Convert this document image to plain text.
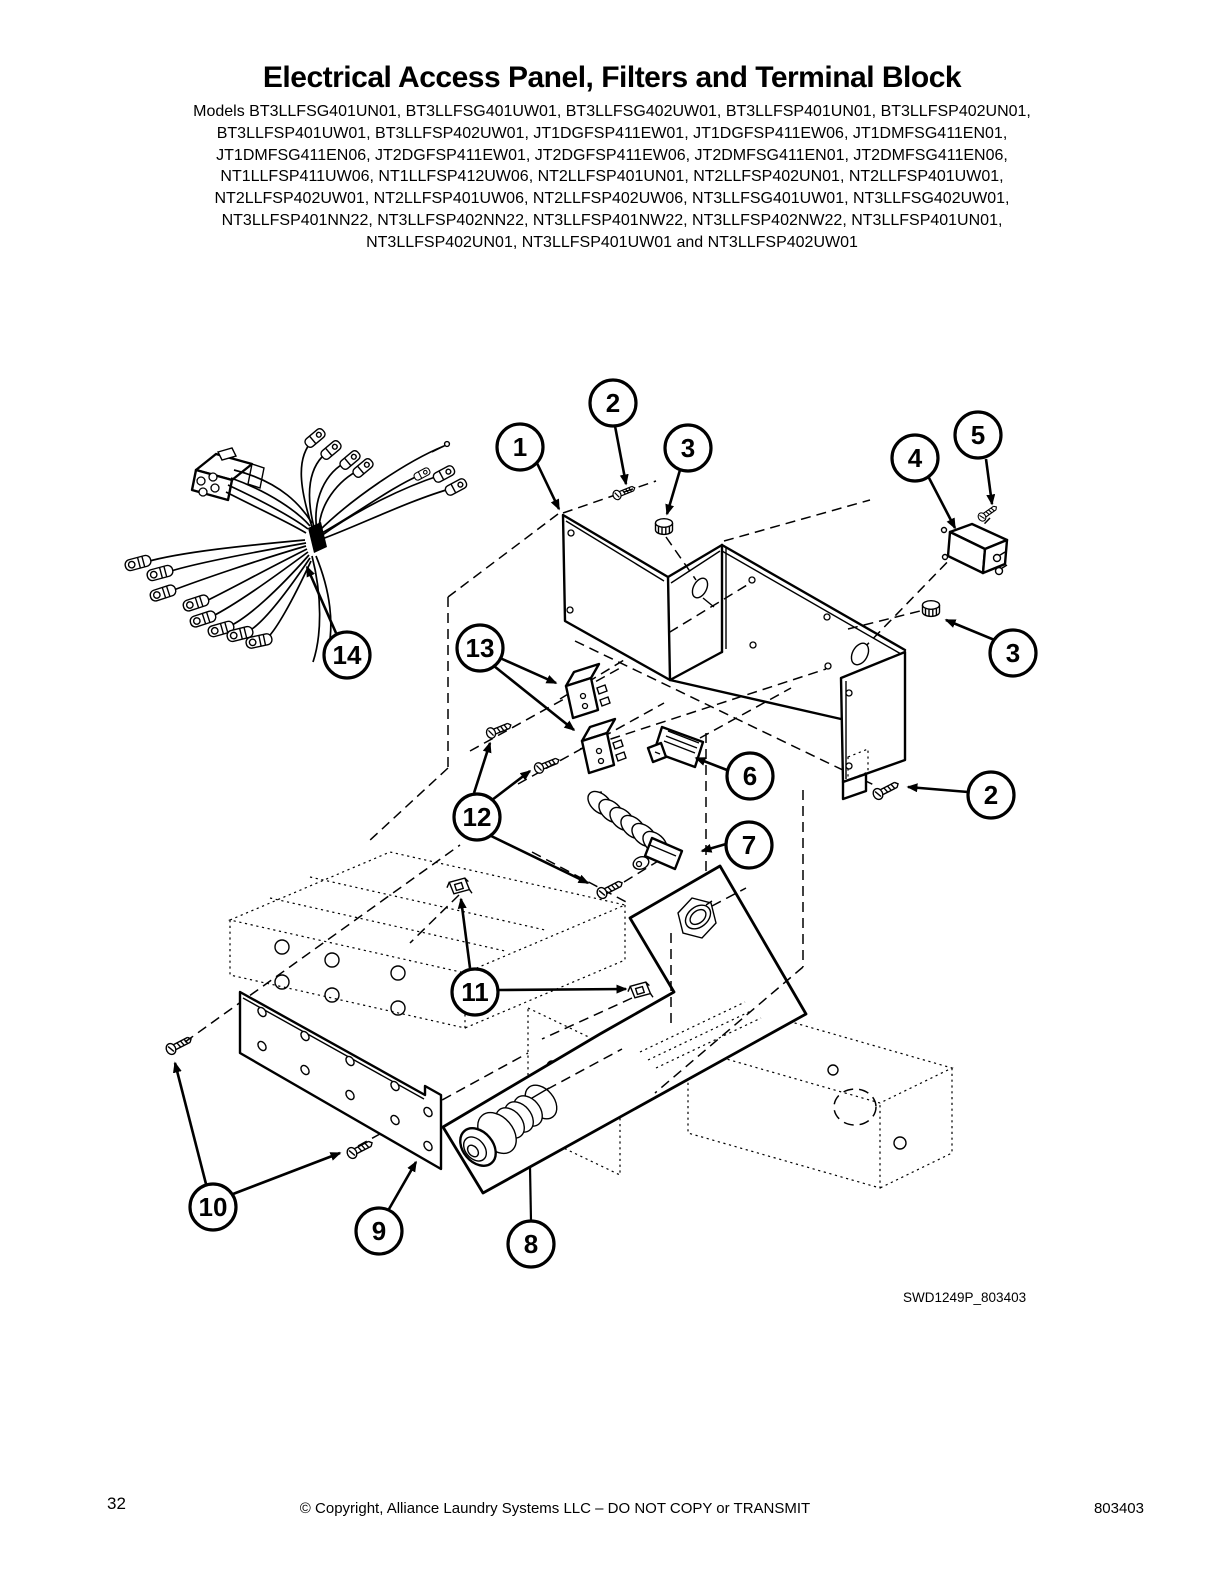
Electrical Access Panel, Filters and Terminal Block
Models BT3LLFSG401UN01, BT3LLFSG401UW01, BT3LLFSG402UW01, BT3LLFSP401UN01, BT3LLFSP402UN01,
BT3LLFSP401UW01, BT3LLFSP402UW01, JT1DGFSP411EW01, JT1DGFSP411EW06, JT1DMFSG411EN01,
JT1DMFSG411EN06, JT2DGFSP411EW01, JT2DGFSP411EW06, JT2DMFSG411EN01, JT2DMFSG411EN06,
NT1LLFSP411UW06, NT1LLFSP412UW06, NT2LLFSP401UN01, NT2LLFSP402UN01, NT2LLFSP401UW01,
NT2LLFSP402UW01, NT2LLFSP401UW06, NT2LLFSP402UW06, NT3LLFSG401UW01, NT3LLFSG402UW01,
NT3LLFSP401NN22, NT3LLFSP402NN22, NT3LLFSP401NW22, NT3LLFSP402NW22, NT3LLFSP401UN01,
NT3LLFSP402UN01, NT3LLFSP401UW01 and NT3LLFSP402UW01
1
2
3	4
5
3
2
6
7
8
9
10
11
12
13
14
SWD1249P_803403
32	© Copyright, Alliance Laundry Systems LLC – DO NOT COPY or TRANSMIT	803403
